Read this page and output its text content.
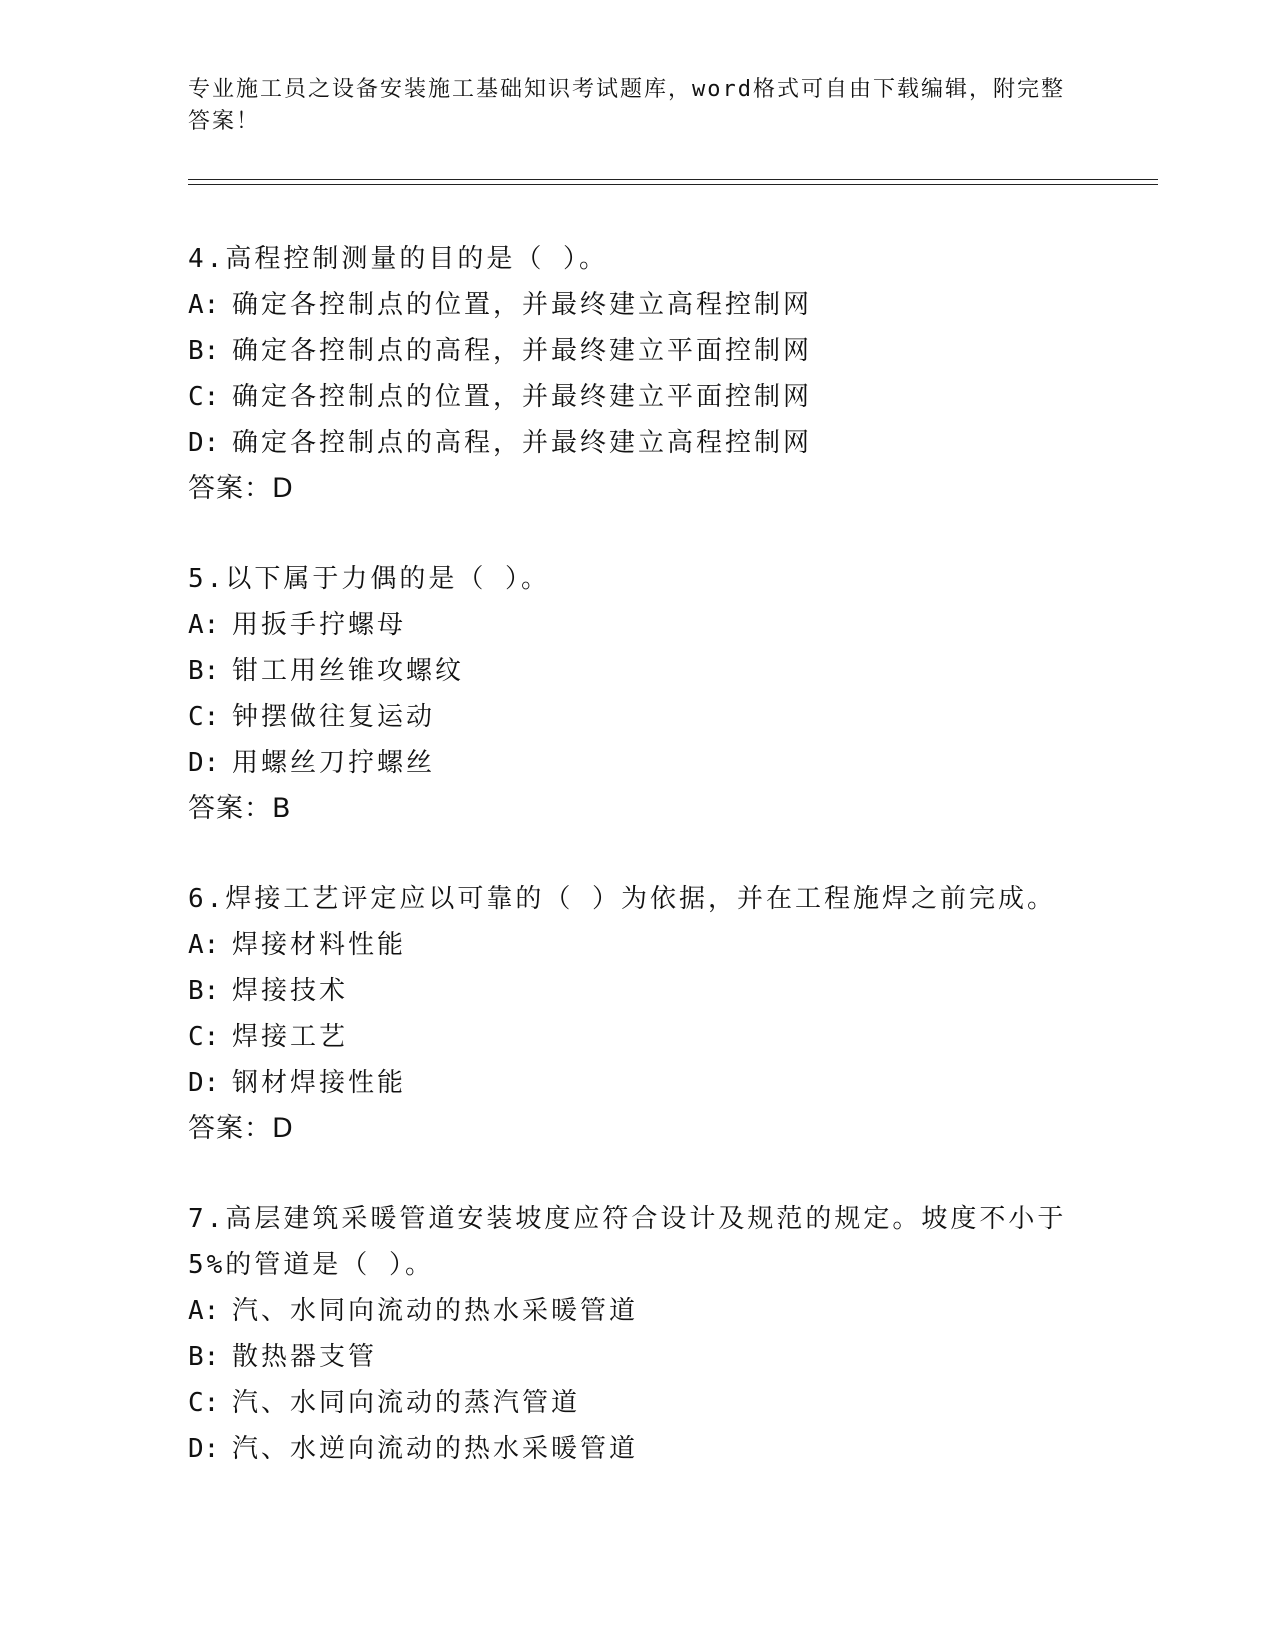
专业施工员之设备安装施工基础知识考试题库，word格式可自由下载编辑，附完整答案！
4.高程控制测量的目的是（ ）。
A: 确定各控制点的位置，并最终建立高程控制网
B: 确定各控制点的高程，并最终建立平面控制网
C: 确定各控制点的位置，并最终建立平面控制网
D: 确定各控制点的高程，并最终建立高程控制网
答案：D
5.以下属于力偶的是（ ）。
A: 用扳手拧螺母
B: 钳工用丝锥攻螺纹
C: 钟摆做往复运动
D: 用螺丝刀拧螺丝
答案：B
6.焊接工艺评定应以可靠的（ ）为依据，并在工程施焊之前完成。
A: 焊接材料性能
B: 焊接技术
C: 焊接工艺
D: 钢材焊接性能
答案：D
7.高层建筑采暖管道安装坡度应符合设计及规范的规定。坡度不小于5%的管道是（ ）。
A: 汽、水同向流动的热水采暖管道
B: 散热器支管
C: 汽、水同向流动的蒸汽管道
D: 汽、水逆向流动的热水采暖管道
